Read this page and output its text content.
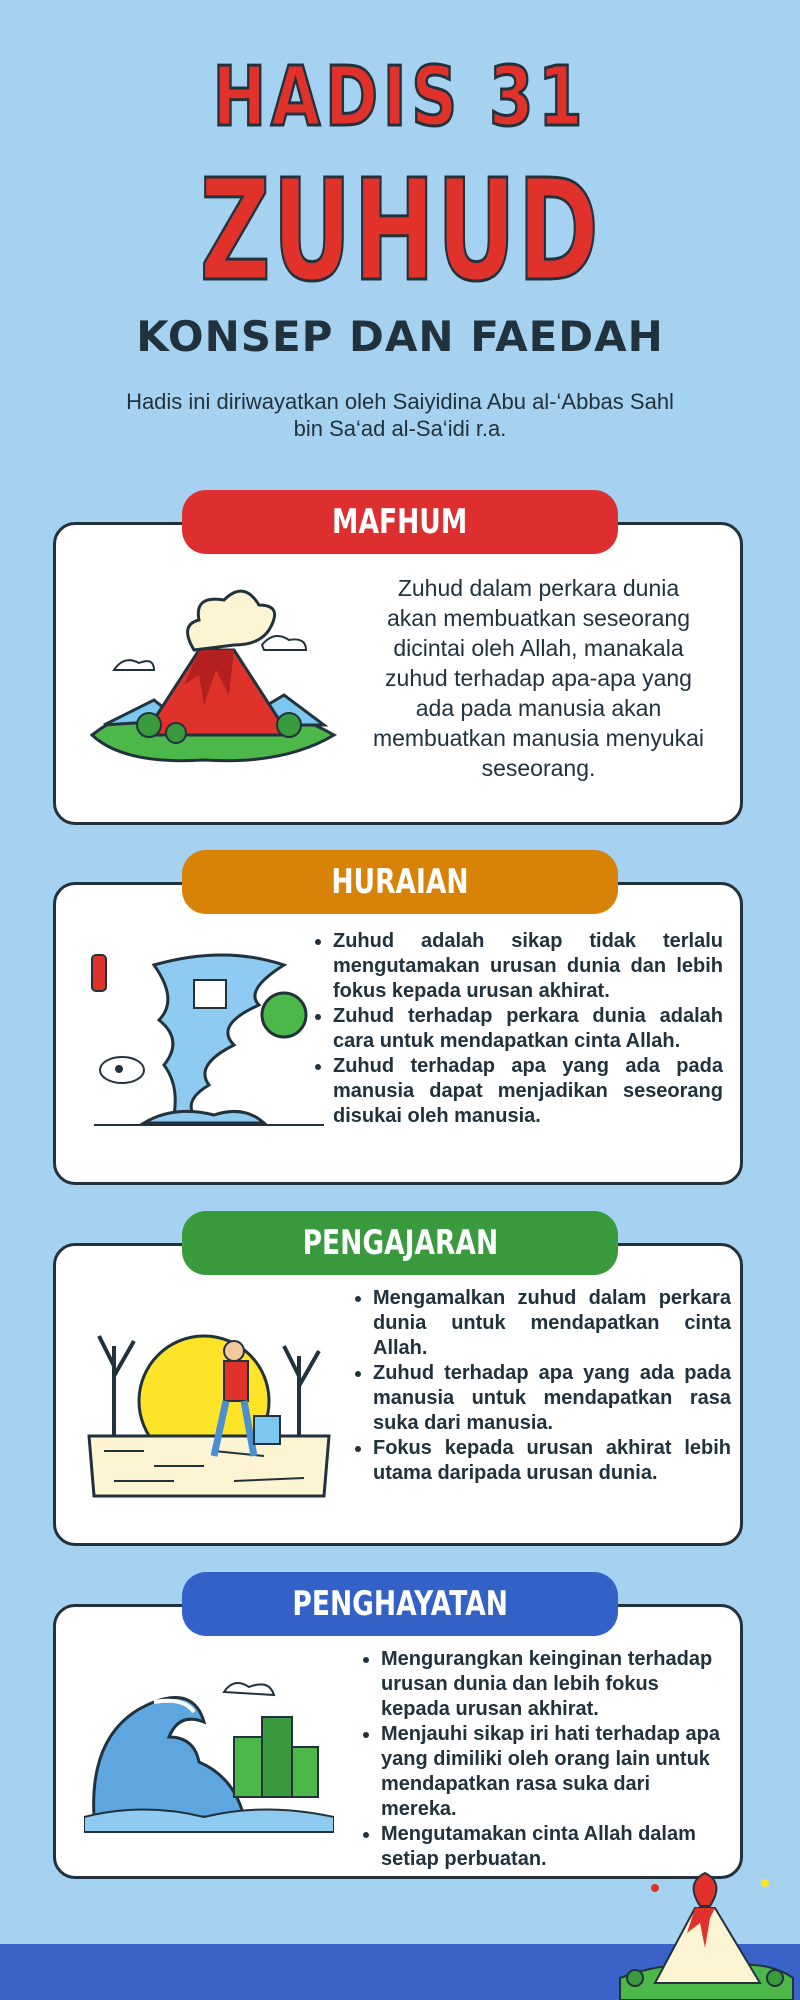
HADIS 31
ZUHUD
KONSEP DAN FAEDAH
Hadis ini diriwayatkan oleh Saiyidina Abu al-‘Abbas Sahl bin Sa‘ad al-Sa‘idi r.a.
MAFHUM
Zuhud dalam perkara dunia akan membuatkan seseorang dicintai oleh Allah, manakala zuhud terhadap apa-apa yang ada pada manusia akan membuatkan manusia menyukai seseorang.
HURAIAN
• Zuhud adalah sikap tidak terlalu mengutamakan urusan dunia dan lebih fokus kepada urusan akhirat.
• Zuhud terhadap perkara dunia adalah cara untuk mendapatkan cinta Allah.
• Zuhud terhadap apa yang ada pada manusia dapat menjadikan seseorang disukai oleh manusia.
PENGAJARAN
• Mengamalkan zuhud dalam perkara dunia untuk mendapatkan cinta Allah.
• Zuhud terhadap apa yang ada pada manusia untuk mendapatkan rasa suka dari manusia.
• Fokus kepada urusan akhirat lebih utama daripada urusan dunia.
PENGHAYATAN
• Mengurangkan keinginan terhadap urusan dunia dan lebih fokus kepada urusan akhirat.
• Menjauhi sikap iri hati terhadap apa yang dimiliki oleh orang lain untuk mendapatkan rasa suka dari mereka.
• Mengutamakan cinta Allah dalam setiap perbuatan.
